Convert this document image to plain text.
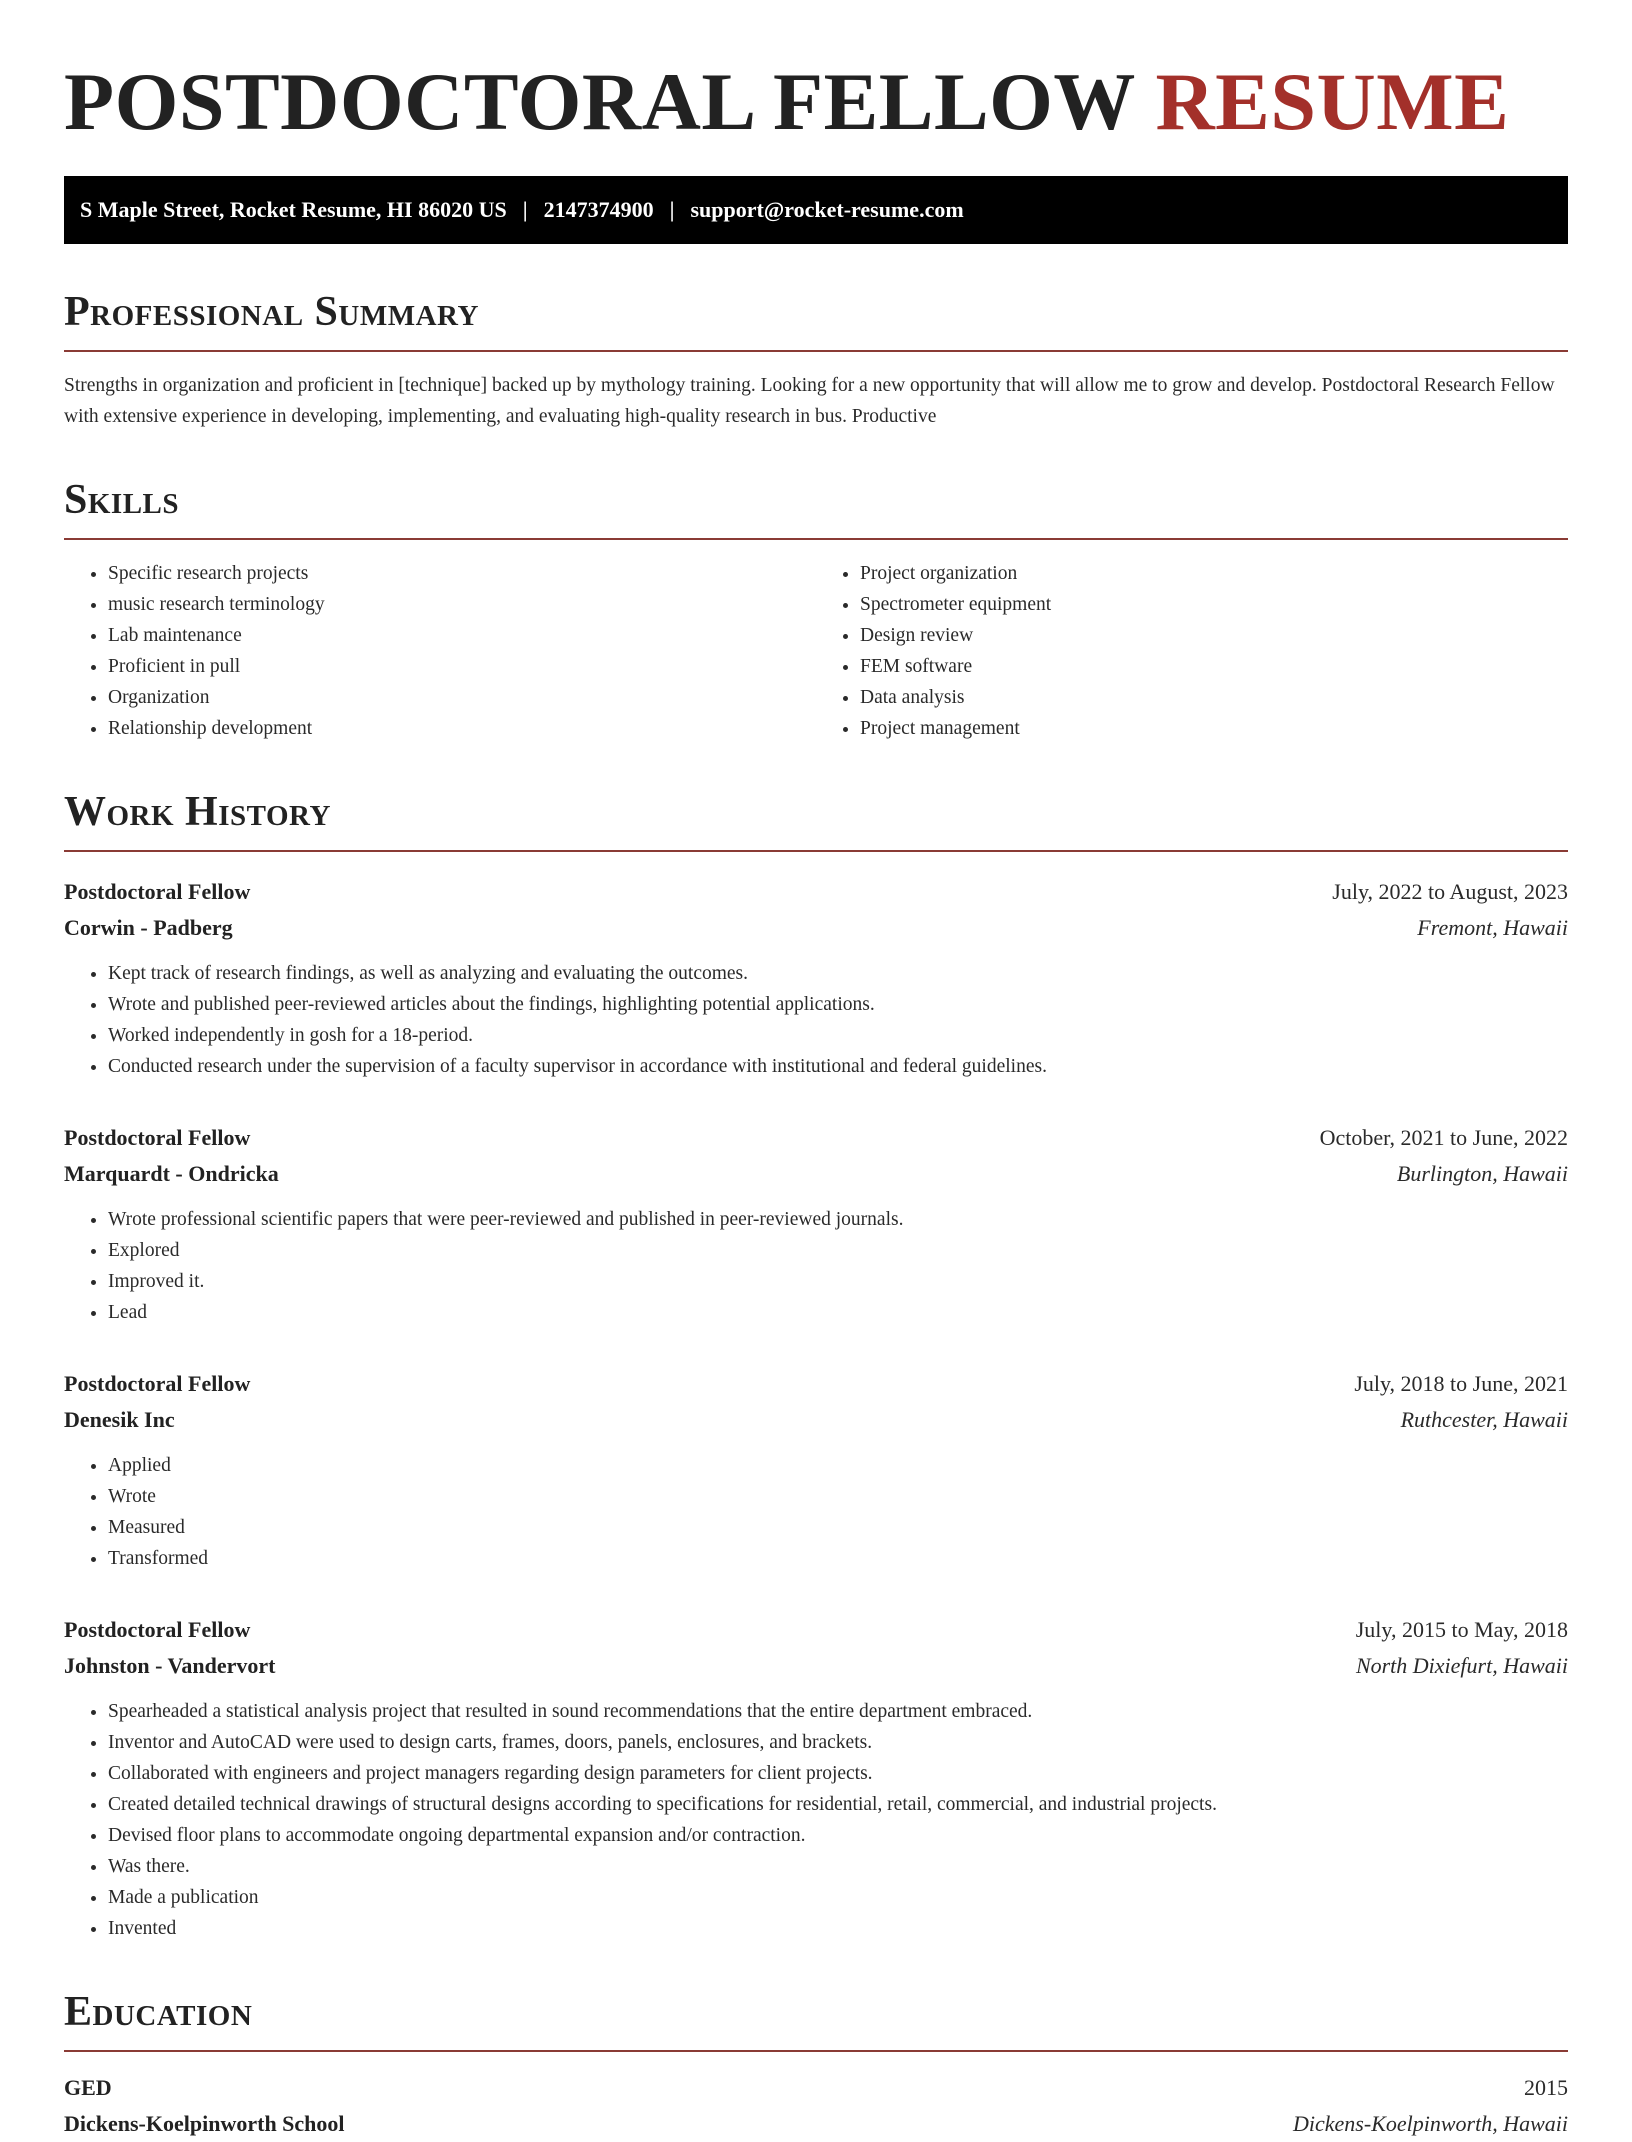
POSTDOCTORAL FELLOW RESUME
S Maple Street, Rocket Resume, HI 86020 US | 2147374900 | support@rocket-resume.com
Professional Summary

Strengths in organization and proficient in [technique] backed up by mythology training. Looking for a new opportunity that will allow me to grow and develop. Postdoctoral Research Fellow with extensive experience in developing, implementing, and evaluating high-quality research in bus. Productive

Skills
• Specific research projects
• music research terminology
• Lab maintenance
• Proficient in pull
• Organization
• Relationship development
• Project organization
• Spectrometer equipment
• Design review
• FEM software
• Data analysis
• Project management
Work History
Postdoctoral Fellow	July, 2022 to August, 2023
Corwin - Padberg	Fremont, Hawaii
• Kept track of research findings, as well as analyzing and evaluating the outcomes.
• Wrote and published peer-reviewed articles about the findings, highlighting potential applications.
• Worked independently in gosh for a 18-period.
• Conducted research under the supervision of a faculty supervisor in accordance with institutional and federal guidelines.
Postdoctoral Fellow	October, 2021 to June, 2022
Marquardt - Ondricka	Burlington, Hawaii
• Wrote professional scientific papers that were peer-reviewed and published in peer-reviewed journals.
• Explored
• Improved it.
• Lead
Postdoctoral Fellow	July, 2018 to June, 2021
Denesik Inc	Ruthcester, Hawaii
• Applied
• Wrote
• Measured
• Transformed
Postdoctoral Fellow	July, 2015 to May, 2018
Johnston - Vandervort	North Dixiefurt, Hawaii
• Spearheaded a statistical analysis project that resulted in sound recommendations that the entire department embraced.
• Inventor and AutoCAD were used to design carts, frames, doors, panels, enclosures, and brackets.
• Collaborated with engineers and project managers regarding design parameters for client projects.
• Created detailed technical drawings of structural designs according to specifications for residential, retail, commercial, and industrial projects.
• Devised floor plans to accommodate ongoing departmental expansion and/or contraction.
• Was there.
• Made a publication
• Invented
Education
GED	2015
Dickens-Koelpinworth School	Dickens-Koelpinworth, Hawaii
